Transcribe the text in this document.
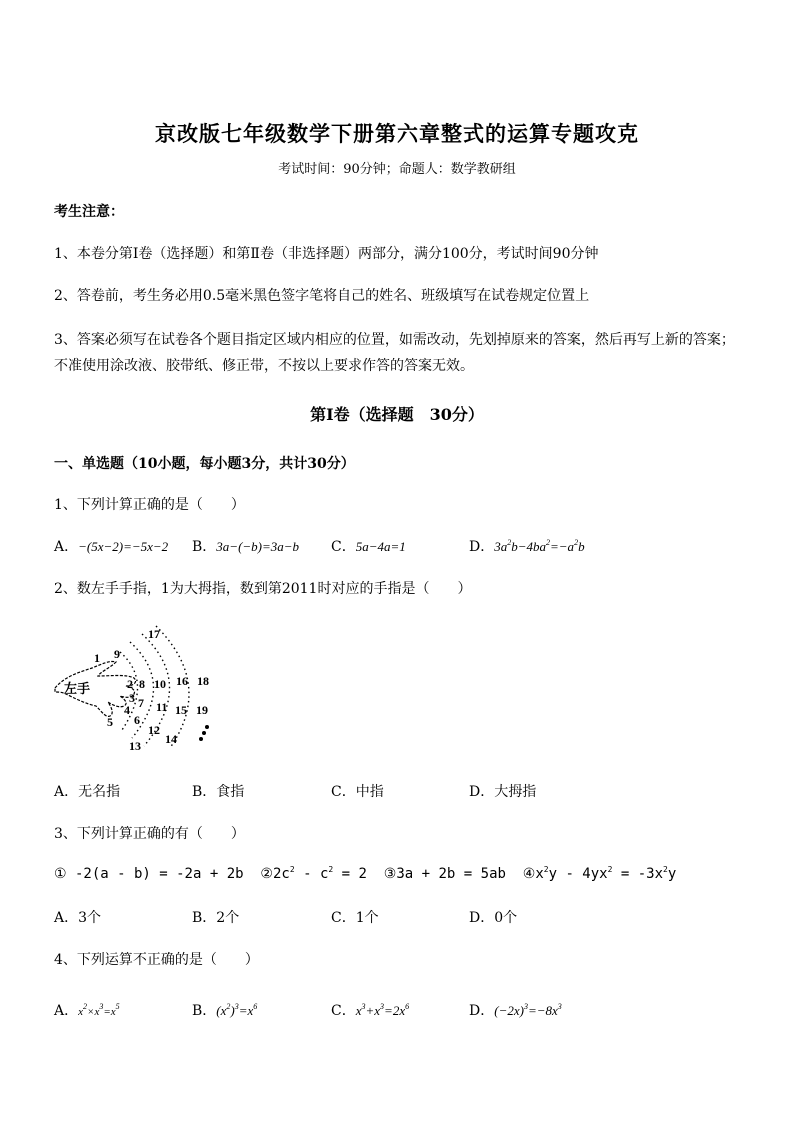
京改版七年级数学下册第六章整式的运算专题攻克
考试时间：90分钟；命题人：数学教研组
考生注意：
1、本卷分第Ⅰ卷（选择题）和第Ⅱ卷（非选择题）两部分，满分100分，考试时间90分钟
2、答卷前，考生务必用0.5毫米黑色签字笔将自己的姓名、班级填写在试卷规定位置上
3、答案必须写在试卷各个题目指定区域内相应的位置，如需改动，先划掉原来的答案，然后再写上新的答案；不准使用涂改液、胶带纸、修正带，不按以上要求作答的答案无效。
第Ⅰ卷（选择题　30分）
一、单选题（10小题，每小题3分，共计30分）
1、下列计算正确的是（　　）
A．−(5x−2)=−5x−2 B．3a−(−b)=3a−b C．5a−4a=1	D．$3a^2b-4ba^2=-a^2b$
2、数左手手指，1为大拇指，数到第2011时对应的手指是（　　）
左手
1
2
3
4
5 6
7
8
9
10
11
12
13 14
15
16
17
18
19
A．无名指	B．食指	C．中指	D．大拇指
3、下列计算正确的有（　　）
① -2(a - b) = -2a + 2b $②2c^2 - c^2 = 2$ ③3a + 2b = 5ab $④x^2y - 4yx^2 = -3x^2y$
A．3个	B．2个	C．1个	D．0个
4、下列运算不正确的是（　　）
A．$x^2\times x^3=x^5$	B．$(x^2)^3=x^6$	C．$x^3+x^3=2x^6$	D．$(-2x)^3=-8x^3$
